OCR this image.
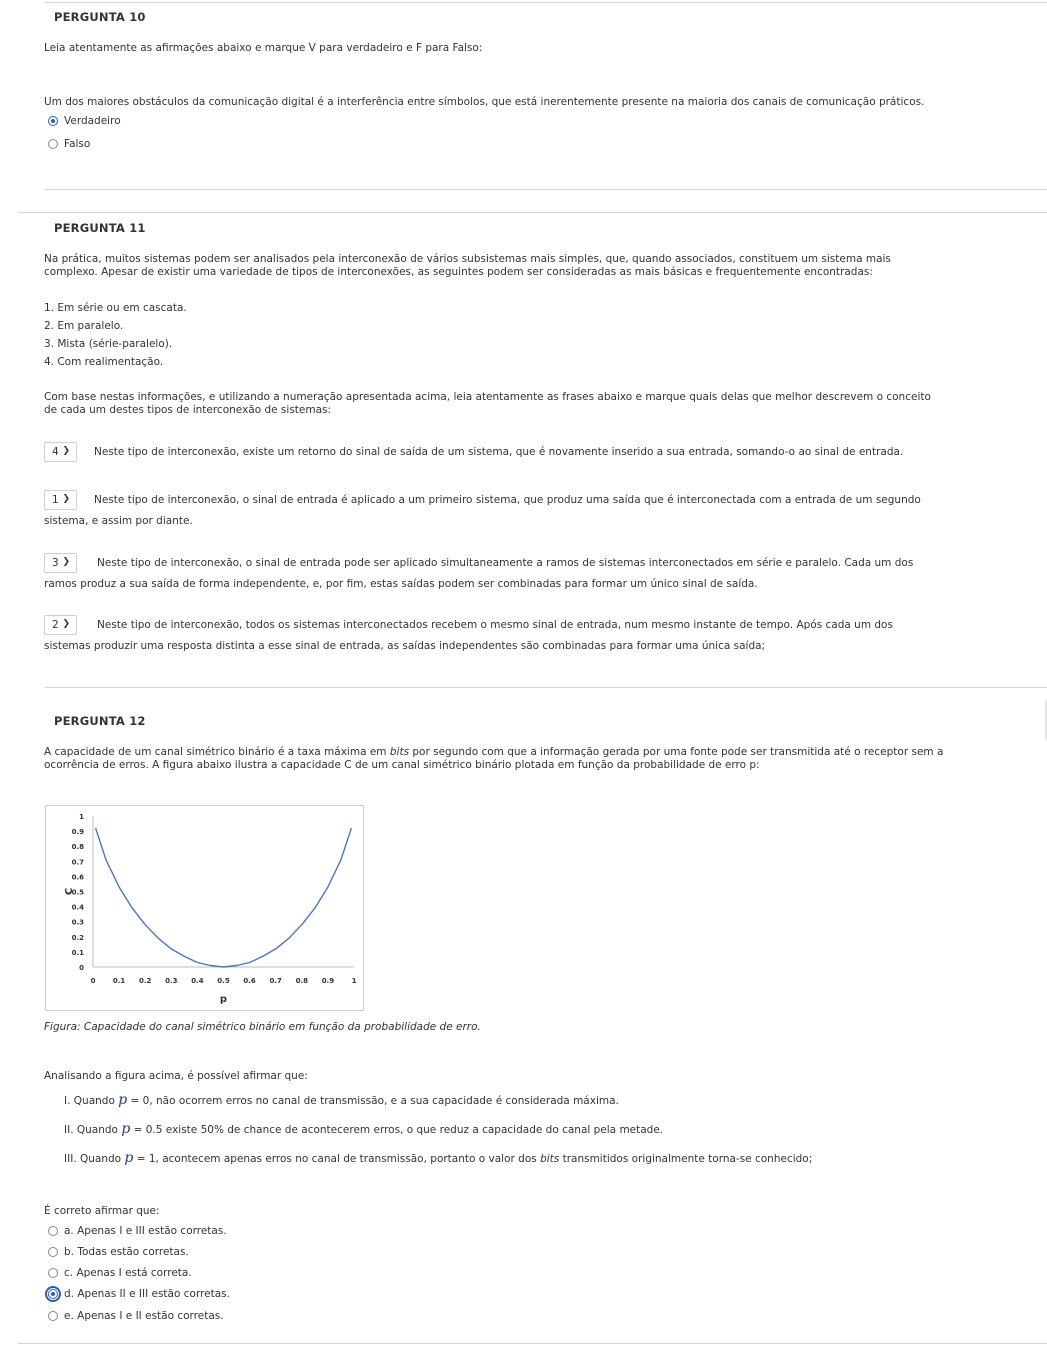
PERGUNTA 10
Leia atentamente as afirmações abaixo e marque V para verdadeiro e F para Falso:
Um dos maiores obstáculos da comunicação digital é a interferência entre símbolos, que está inerentemente presente na maioria dos canais de comunicação práticos.
Verdadeiro
Falso
PERGUNTA 11
Na prática, muitos sistemas podem ser analisados pela interconexão de vários subsistemas mais simples, que, quando associados, constituem um sistema mais
complexo. Apesar de existir uma variedade de tipos de interconexões, as seguintes podem ser consideradas as mais básicas e frequentemente encontradas:
1. Em série ou em cascata.
2. Em paralelo.
3. Mista (série-paralelo).
4. Com realimentação.
Com base nestas informações, e utilizando a numeração apresentada acima, leia atentamente as frases abaixo e marque quais delas que melhor descrevem o conceito
de cada um destes tipos de interconexão de sistemas:
4 ❯ Neste tipo de interconexão, existe um retorno do sinal de saída de um sistema, que é novamente inserido a sua entrada, somando-o ao sinal de entrada.
1 ❯ Neste tipo de interconexão, o sinal de entrada é aplicado a um primeiro sistema, que produz uma saída que é interconectada com a entrada de um segundo
sistema, e assim por diante.
3 ❯	Neste tipo de interconexão, o sinal de entrada pode ser aplicado simultaneamente a ramos de sistemas interconectados em série e paralelo. Cada um dos
ramos produz a sua saída de forma independente, e, por fim, estas saídas podem ser combinadas para formar um único sinal de saída.
2 ❯	Neste tipo de interconexão, todos os sistemas interconectados recebem o mesmo sinal de entrada, num mesmo instante de tempo. Após cada um dos
sistemas produzir uma resposta distinta a esse sinal de entrada, as saídas independentes são combinadas para formar uma única saída;
PERGUNTA 12
A capacidade de um canal simétrico binário é a taxa máxima em bits por segundo com que a informação gerada por uma fonte pode ser transmitida até o receptor sem a
ocorrência de erros. A figura abaixo ilustra a capacidade C de um canal simétrico binário plotada em função da probabilidade de erro p:
0
0.1
0.2
0.3
0.4
0.5
0.6
0.7
0.8
0.9
1
0 0.1 0.2 0.3 0.4 0.5 0.6 0.7 0.8 0.9 1
p
C
Figura: Capacidade do canal simétrico binário em função da probabilidade de erro.
Analisando a figura acima, é possível afirmar que:
I. Quando p = 0, não ocorrem erros no canal de transmissão, e a sua capacidade é considerada máxima.
II. Quando p = 0.5 existe 50% de chance de acontecerem erros, o que reduz a capacidade do canal pela metade.
III. Quando p = 1, acontecem apenas erros no canal de transmissão, portanto o valor dos bits transmitidos originalmente torna-se conhecido;
É correto afirmar que:
a. Apenas I e III estão corretas.
b. Todas estão corretas.
c. Apenas I está correta.
d. Apenas II e III estão corretas.
e. Apenas I e II estão corretas.
